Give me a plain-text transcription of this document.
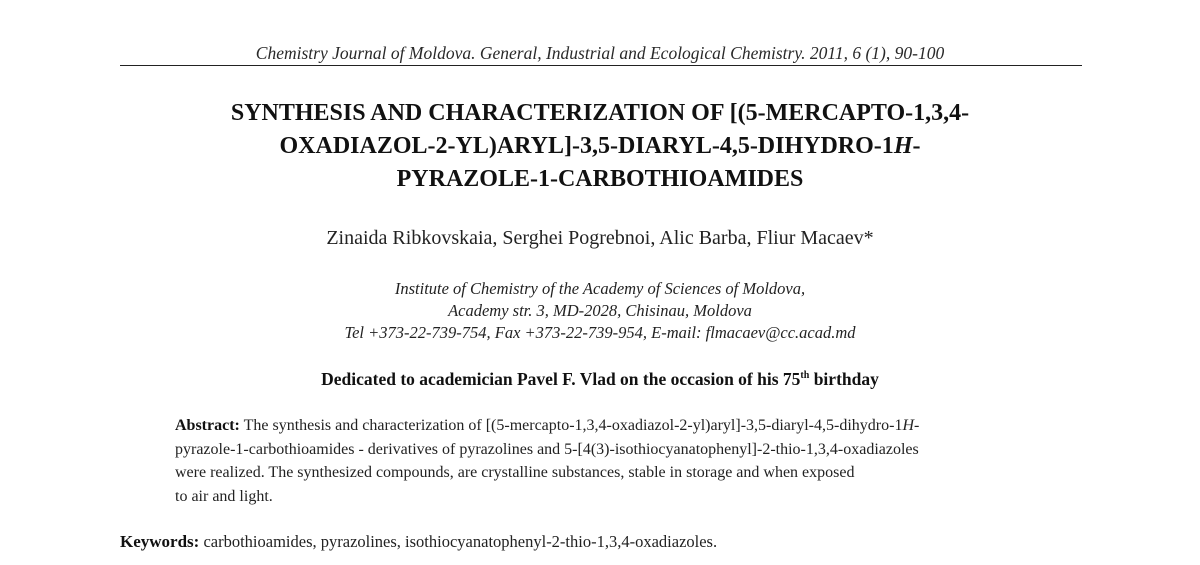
Chemistry Journal of Moldova. General, Industrial and Ecological Chemistry. 2011, 6 (1), 90-100
SYNTHESIS AND CHARACTERIZATION OF [(5-MERCAPTO-1,3,4-
OXADIAZOL-2-YL)ARYL]-3,5-DIARYL-4,5-DIHYDRO-1H-
PYRAZOLE-1-CARBOTHIOAMIDES
Zinaida Ribkovskaia, Serghei Pogrebnoi, Alic Barba, Fliur Macaev*
Institute of Chemistry of the Academy of Sciences of Moldova,
Academy str. 3, MD-2028, Chisinau, Moldova
Tel +373-22-739-754, Fax +373-22-739-954, E-mail: flmacaev@cc.acad.md
Dedicated to academician Pavel F. Vlad on the occasion of his 75th birthday
Abstract: The synthesis and characterization of [(5-mercapto-1,3,4-oxadiazol-2-yl)aryl]-3,5-diaryl-4,5-dihydro-1H-
pyrazole-1-carbothioamides - derivatives of pyrazolines and 5-[4(3)-isothiocyanatophenyl]-2-thio-1,3,4-oxadiazoles
were realized. The synthesized compounds, are crystalline substances, stable in storage and when exposed
to air and light.
Keywords: carbothioamides, pyrazolines, isothiocyanatophenyl-2-thio-1,3,4-oxadiazoles.
